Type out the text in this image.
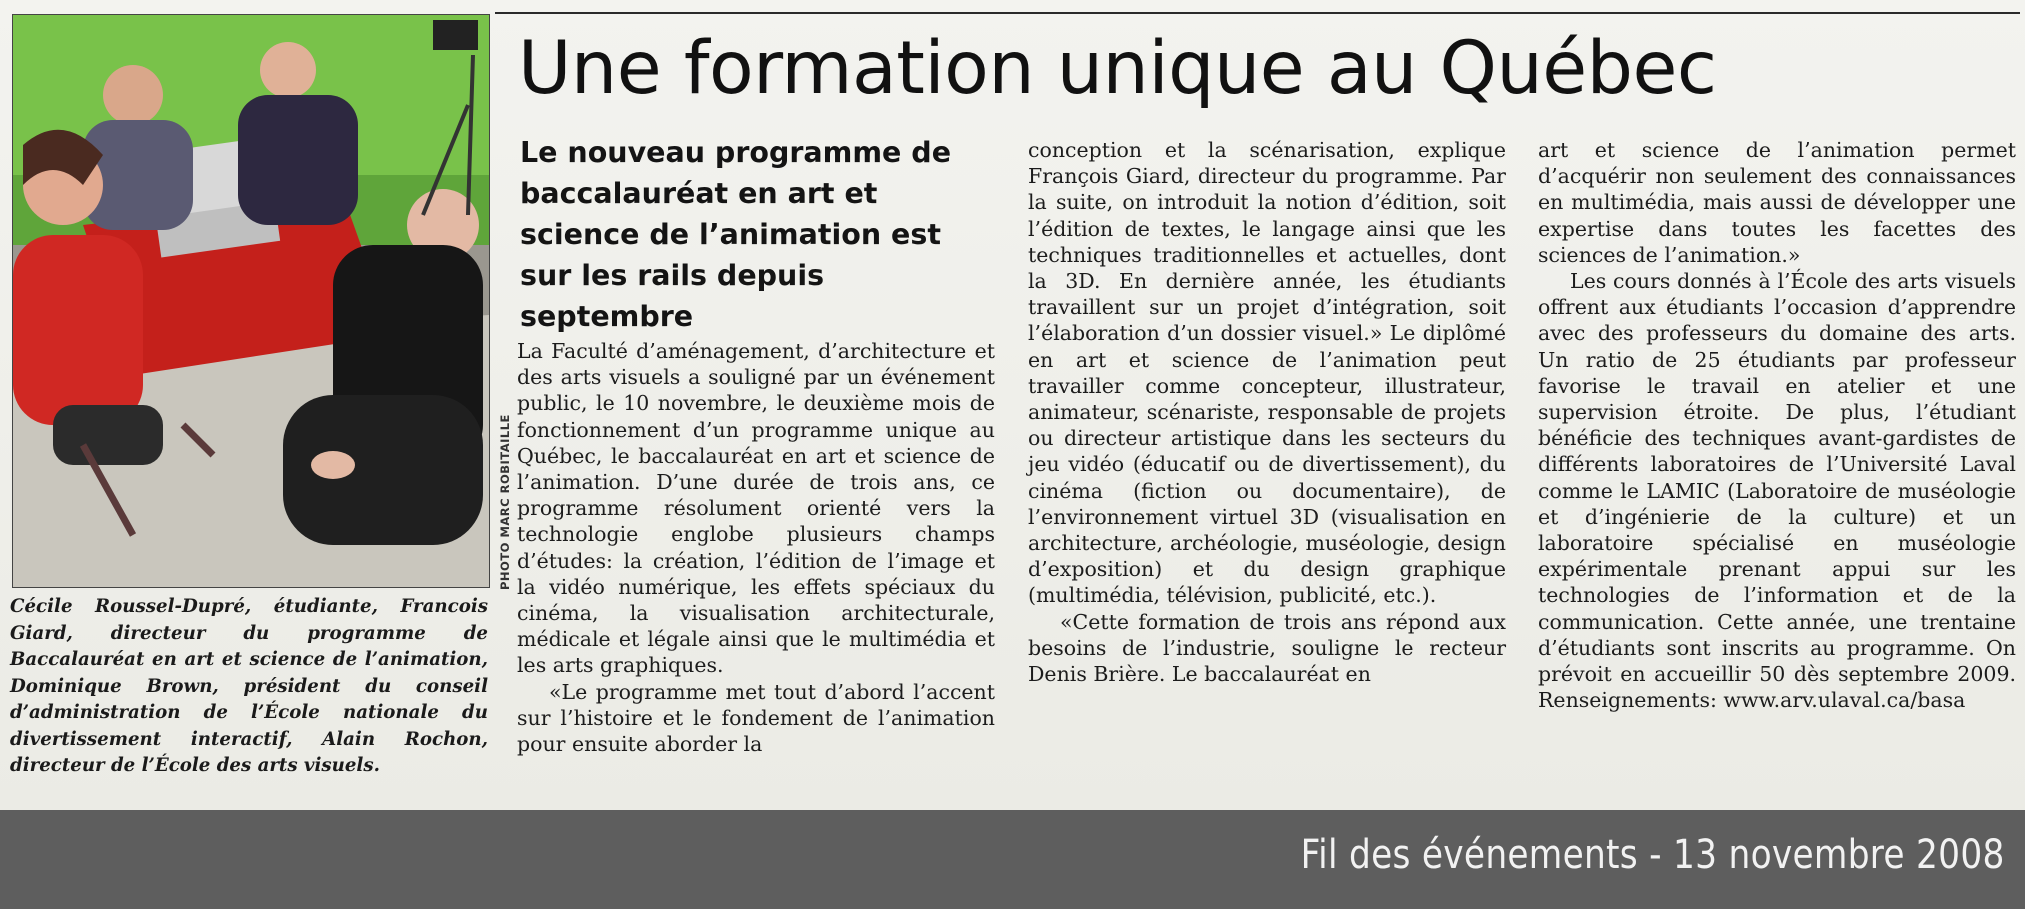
PHOTO MARC ROBITAILLE
Cécile Roussel-Dupré, étudiante, Francois Giard, directeur du programme de Baccalauréat en art et science de l’animation, Dominique Brown, président du conseil d’administration de l’École nationale du divertissement interactif, Alain Rochon, directeur de l’École des arts visuels.
Une formation unique au Québec
Le nouveau programme de baccalauréat en art et science de l’animation est sur les rails depuis septembre

La Faculté d’aménagement, d’architecture et des arts visuels a souligné par un événement public, le 10 novembre, le deuxième mois de fonctionnement d’un programme unique au Québec, le baccalauréat en art et science de l’animation. D’une durée de trois ans, ce programme résolument orienté vers la technologie englobe plusieurs champs d’études: la création, l’édition de l’image et la vidéo numérique, les effets spéciaux du cinéma, la visualisation architecturale, médicale et légale ainsi que le multimédia et les arts graphiques.

«Le programme met tout d’abord l’accent sur l’histoire et le fondement de l’animation pour ensuite aborder la

conception et la scénarisation, explique François Giard, directeur du programme. Par la suite, on introduit la notion d’édition, soit l’édition de textes, le langage ainsi que les techniques traditionnelles et actuelles, dont la 3D. En dernière année, les étudiants travaillent sur un projet d’intégration, soit l’élaboration d’un dossier visuel.» Le diplômé en art et science de l’animation peut travailler comme concepteur, illustrateur, animateur, scénariste, responsable de projets ou directeur artistique dans les secteurs du jeu vidéo (éducatif ou de divertissement), du cinéma (fiction ou documentaire), de l’environnement virtuel 3D (visualisation en architecture, archéologie, muséologie, design d’exposition) et du design graphique (multimédia, télévision, publicité, etc.).

«Cette formation de trois ans répond aux besoins de l’industrie, souligne le recteur Denis Brière. Le baccalauréat en

art et science de l’animation permet d’acquérir non seulement des connaissances en multimédia, mais aussi de développer une expertise dans toutes les facettes des sciences de l’animation.»

Les cours donnés à l’École des arts visuels offrent aux étudiants l’occasion d’apprendre avec des professeurs du domaine des arts. Un ratio de 25 étudiants par professeur favorise le travail en atelier et une supervision étroite. De plus, l’étudiant bénéficie des techniques avant-gardistes de différents laboratoires de l’Université Laval comme le LAMIC (Laboratoire de muséologie et d’ingénierie de la culture) et un laboratoire spécialisé en muséologie expérimentale prenant appui sur les technologies de l’information et de la communication. Cette année, une trentaine d’étudiants sont inscrits au programme. On prévoit en accueillir 50 dès septembre 2009. Renseignements: www.arv.ulaval.ca/basa

Fil des événements - 13 novembre 2008
